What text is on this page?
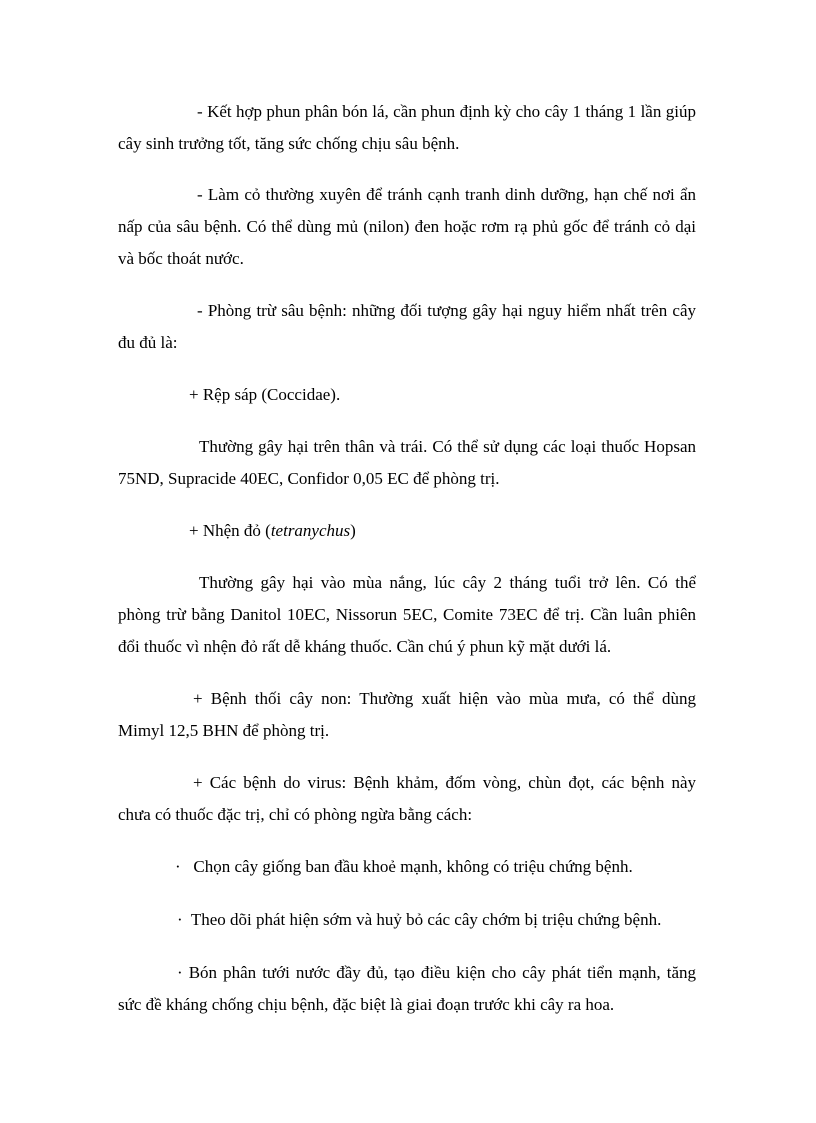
- Kết hợp phun phân bón lá, cần phun định kỳ cho cây 1 tháng 1 lần giúp
cây sinh trưởng tốt, tăng sức chống chịu sâu bệnh.
- Làm cỏ thường xuyên để tránh cạnh tranh dinh dưỡng, hạn chế nơi ẩn
nấp của sâu bệnh. Có thể dùng mủ (nilon) đen hoặc rơm rạ phủ gốc để tránh cỏ dại
và bốc thoát nước.
- Phòng trừ sâu bệnh: những đối tượng gây hại nguy hiểm nhất trên cây
đu đủ là:
+ Rệp sáp (Coccidae).
Thường gây hại trên thân và trái. Có thể sử dụng các loại thuốc Hopsan
75ND, Supracide 40EC, Confidor 0,05 EC để phòng trị.
+ Nhện đỏ (tetranychus)
Thường gây hại vào mùa nắng, lúc cây 2 tháng tuổi trở lên. Có thể
phòng trừ bằng Danitol 10EC, Nissorun 5EC, Comite 73EC để trị. Cần luân phiên
đổi thuốc vì nhện đỏ rất dễ kháng thuốc. Cần chú ý phun kỹ mặt dưới lá.
+ Bệnh thối cây non: Thường xuất hiện vào mùa mưa, có thể dùng
Mimyl 12,5 BHN để phòng trị.
+ Các bệnh do virus: Bệnh khảm, đốm vòng, chùn đọt, các bệnh này
chưa có thuốc đặc trị, chỉ có phòng ngừa bằng cách:
·   Chọn cây giống ban đầu khoẻ mạnh, không có triệu chứng bệnh.
·  Theo dõi phát hiện sớm và huỷ bỏ các cây chớm bị triệu chứng bệnh.
· Bón phân tưới nước đầy đủ, tạo điều kiện cho cây phát tiển mạnh, tăng
sức đề kháng chống chịu bệnh, đặc biệt là giai đoạn trước khi cây ra hoa.
